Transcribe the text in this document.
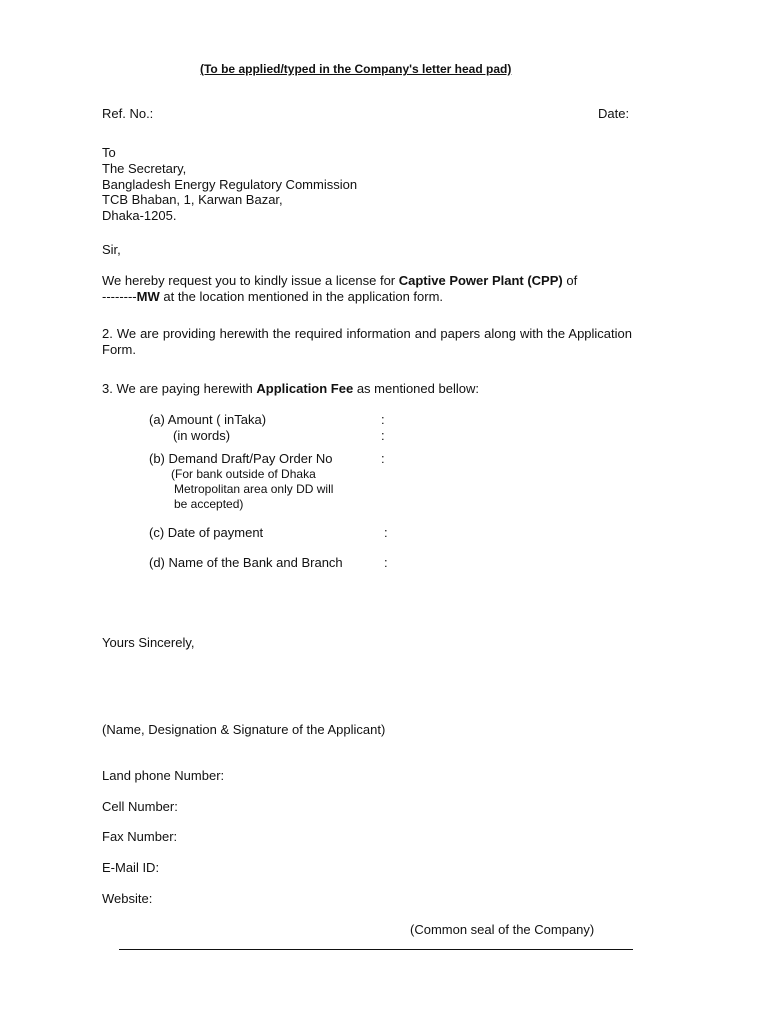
(To be applied/typed in the Company's letter head pad)
Ref. No.:	Date:
To
The Secretary,
Bangladesh Energy Regulatory Commission
TCB Bhaban, 1, Karwan Bazar,
Dhaka-1205.
Sir,
We hereby request you to kindly issue a license for Captive Power Plant (CPP) of
--------MW at the location mentioned in the application form.
2. We are providing herewith the required information and papers along with the Application Form.
3. We are paying herewith Application Fee as mentioned bellow:
(a) Amount ( inTaka)	:
(in words)	:
(b) Demand Draft/Pay Order No	:
(For bank outside of Dhaka
Metropolitan area only DD will
be accepted)
(c) Date of payment	:
(d) Name of the Bank and Branch	:
Yours Sincerely,
(Name, Designation & Signature of the Applicant)
Land phone Number:
Cell Number:
Fax Number:
E-Mail ID:
Website:
(Common seal of the Company)
